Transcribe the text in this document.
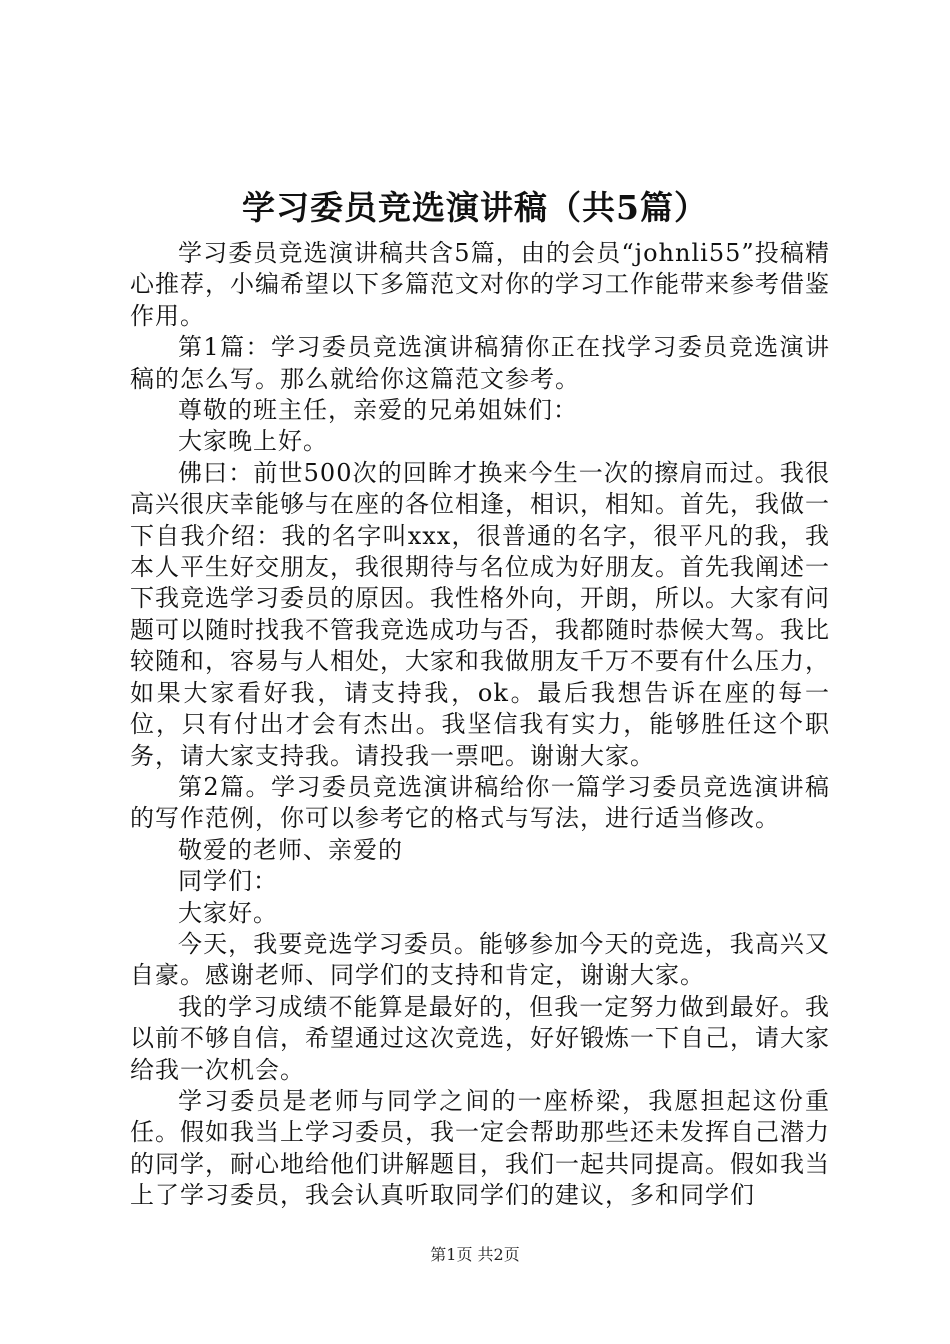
学习委员竞选演讲稿（共5篇）

学习委员竞选演讲稿共含5篇，由的会员“johnli55”投稿精心推荐，小编希望以下多篇范文对你的学习工作能带来参考借鉴作用。

第1篇：学习委员竞选演讲稿猜你正在找学习委员竞选演讲稿的怎么写。那么就给你这篇范文参考。

尊敬的班主任，亲爱的兄弟姐妹们：

大家晚上好。

佛曰：前世500次的回眸才换来今生一次的擦肩而过。我很高兴很庆幸能够与在座的各位相逢，相识，相知。首先，我做一下自我介绍：我的名字叫xxx，很普通的名字，很平凡的我，我本人平生好交朋友，我很期待与名位成为好朋友。首先我阐述一下我竞选学习委员的原因。我性格外向，开朗，所以。大家有问题可以随时找我不管我竞选成功与否，我都随时恭候大驾。我比较随和，容易与人相处，大家和我做朋友千万不要有什么压力，如果大家看好我，请支持我，ok。最后我想告诉在座的每一位，只有付出才会有杰出。我坚信我有实力，能够胜任这个职务，请大家支持我。请投我一票吧。谢谢大家。

第2篇。学习委员竞选演讲稿给你一篇学习委员竞选演讲稿的写作范例，你可以参考它的格式与写法，进行适当修改。

敬爱的老师、亲爱的

同学们：

大家好。

今天，我要竞选学习委员。能够参加今天的竞选，我高兴又自豪。感谢老师、同学们的支持和肯定，谢谢大家。

我的学习成绩不能算是最好的，但我一定努力做到最好。我以前不够自信，希望通过这次竞选，好好锻炼一下自己，请大家给我一次机会。

学习委员是老师与同学之间的一座桥梁，我愿担起这份重任。假如我当上学习委员，我一定会帮助那些还未发挥自己潜力的同学，耐心地给他们讲解题目，我们一起共同提高。假如我当上了学习委员，我会认真听取同学们的建议，多和同学们

第1页 共2页
